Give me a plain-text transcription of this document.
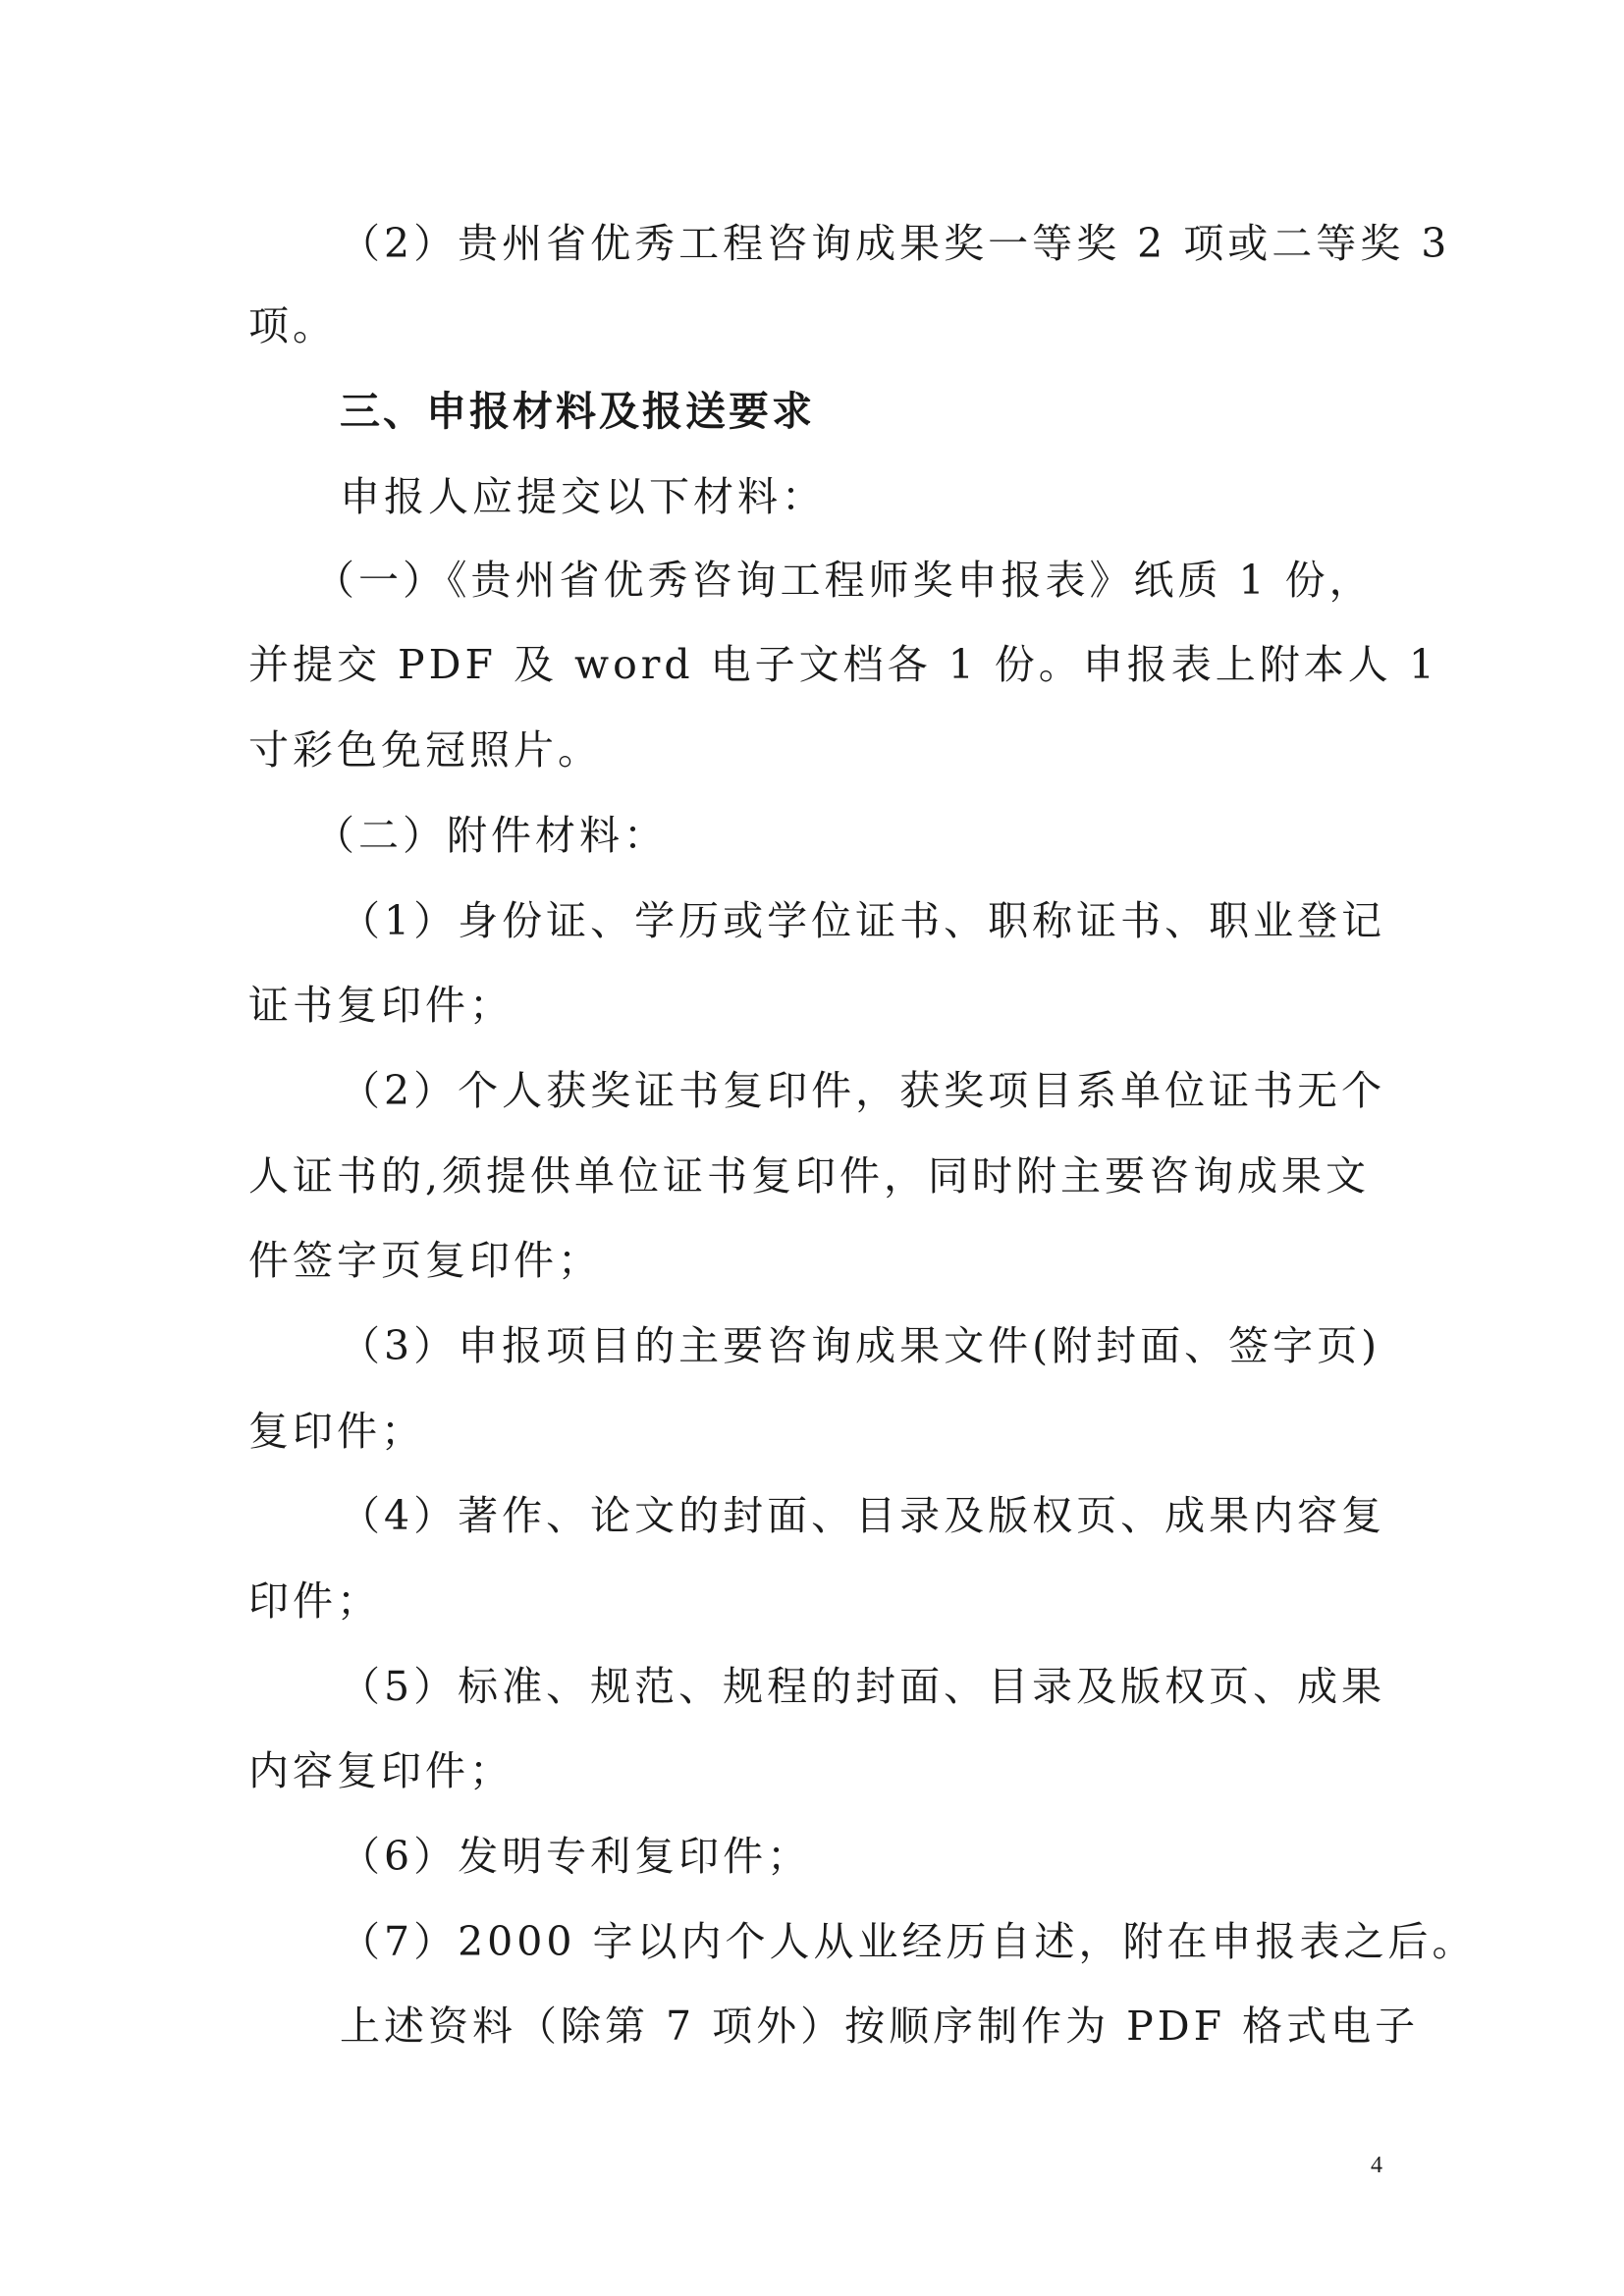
（2）贵州省优秀工程咨询成果奖一等奖 2 项或二等奖 3
项。
三、申报材料及报送要求
申报人应提交以下材料：
（一）《贵州省优秀咨询工程师奖申报表》纸质 1 份，
并提交 PDF 及 word 电子文档各 1 份。申报表上附本人 1
寸彩色免冠照片。
（二）附件材料：
（1）身份证、学历或学位证书、职称证书、职业登记
证书复印件；
（2）个人获奖证书复印件，获奖项目系单位证书无个
人证书的,须提供单位证书复印件，同时附主要咨询成果文
件签字页复印件；
（3）申报项目的主要咨询成果文件(附封面、签字页)
复印件；
（4）著作、论文的封面、目录及版权页、成果内容复
印件；
（5）标准、规范、规程的封面、目录及版权页、成果
内容复印件；
（6）发明专利复印件；
（7）2000 字以内个人从业经历自述，附在申报表之后。
上述资料（除第 7 项外）按顺序制作为 PDF 格式电子
4
